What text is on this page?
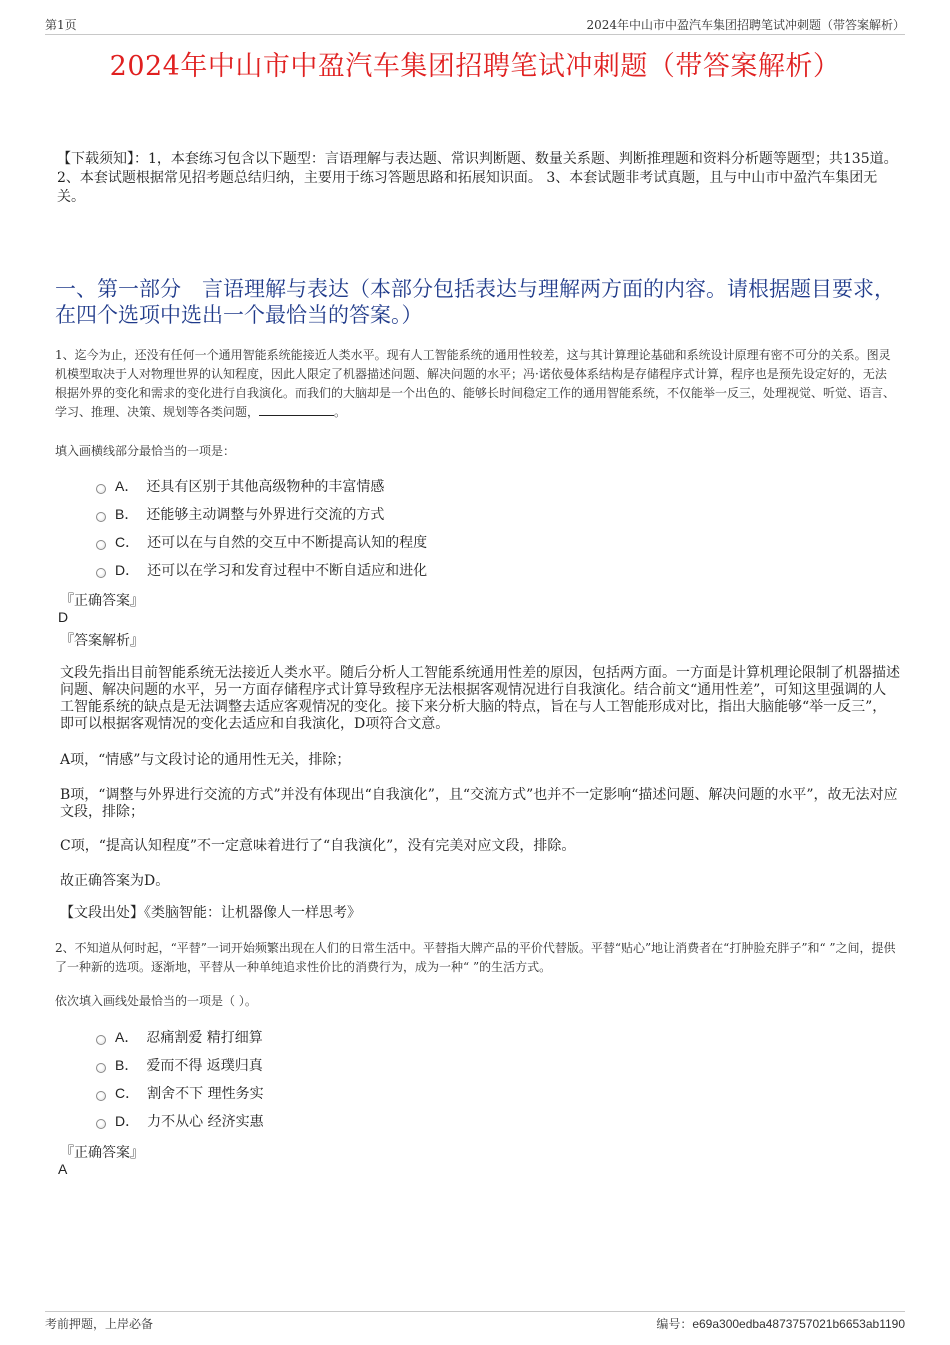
第1页	2024年中山市中盈汽车集团招聘笔试冲刺题（带答案解析）
2024年中山市中盈汽车集团招聘笔试冲刺题（带答案解析）
【下载须知】：1，本套练习包含以下题型：言语理解与表达题、常识判断题、数量关系题、判断推理题和资料分析题等题型；共135道。 2、本套试题根据常见招考题总结归纳，主要用于练习答题思路和拓展知识面。 3、本套试题非考试真题，且与中山市中盈汽车集团无关。
一、第一部分　言语理解与表达（本部分包括表达与理解两方面的内容。请根据题目要求，在四个选项中选出一个最恰当的答案。）
1、迄今为止，还没有任何一个通用智能系统能接近人类水平。现有人工智能系统的通用性较差，这与其计算理论基础和系统设计原理有密不可分的关系。图灵机模型取决于人对物理世界的认知程度，因此人限定了机器描述问题、解决问题的水平；冯·诺依曼体系结构是存储程序式计算，程序也是预先设定好的，无法根据外界的变化和需求的变化进行自我演化。而我们的大脑却是一个出色的、能够长时间稳定工作的通用智能系统，不仅能举一反三，处理视觉、听觉、语言、学习、推理、决策、规划等各类问题，	。
填入画横线部分最恰当的一项是：
A． 还具有区别于其他高级物种的丰富情感
B． 还能够主动调整与外界进行交流的方式
C． 还可以在与自然的交互中不断提高认知的程度
D． 还可以在学习和发育过程中不断自适应和进化
『正确答案』
D
『答案解析』
文段先指出目前智能系统无法接近人类水平。随后分析人工智能系统通用性差的原因，包括两方面。一方面是计算机理论限制了机器描述问题、解决问题的水平，另一方面存储程序式计算导致程序无法根据客观情况进行自我演化。结合前文“通用性差”，可知这里强调的人工智能系统的缺点是无法调整去适应客观情况的变化。接下来分析大脑的特点，旨在与人工智能形成对比，指出大脑能够“举一反三”，即可以根据客观情况的变化去适应和自我演化，D项符合文意。
A项，“情感”与文段讨论的通用性无关，排除；
B项，“调整与外界进行交流的方式”并没有体现出“自我演化”，且“交流方式”也并不一定影响“描述问题、解决问题的水平”，故无法对应文段，排除；
C项，“提高认知程度”不一定意味着进行了“自我演化”，没有完美对应文段，排除。
故正确答案为D。
【文段出处】《类脑智能：让机器像人一样思考》
2、不知道从何时起，“平替”一词开始频繁出现在人们的日常生活中。平替指大牌产品的平价代替版。平替“贴心”地让消费者在“打肿脸充胖子”和“ ”之间，提供了一种新的选项。逐渐地，平替从一种单纯追求性价比的消费行为，成为一种“ ”的生活方式。
依次填入画线处最恰当的一项是（ ）。
A． 忍痛割爱 精打细算
B． 爱而不得 返璞归真
C． 割舍不下 理性务实
D． 力不从心 经济实惠
『正确答案』
A
考前押题，上岸必备	编号：e69a300edba4873757021b6653ab1190
